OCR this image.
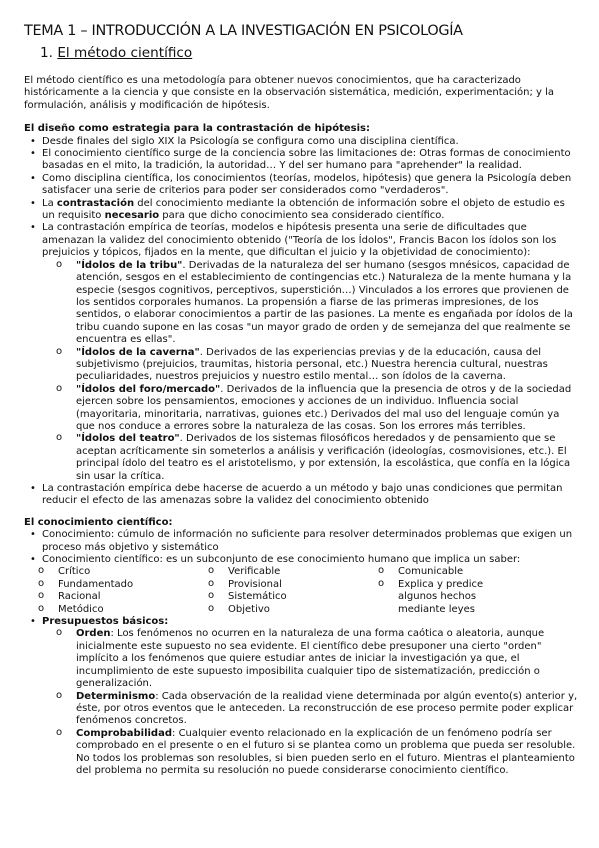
TEMA 1 – INTRODUCCIÓN A LA INVESTIGACIÓN EN PSICOLOGÍA
1. El método científico

El método científico es una metodología para obtener nuevos conocimientos, que ha caracterizado históricamente a la ciencia y que consiste en la observación sistemática, medición, experimentación; y la formulación, análisis y modificación de hipótesis.

El diseño como estrategia para la contrastación de hipótesis:

• Desde finales del siglo XIX la Psicología se configura como una disciplina científica.
• El conocimiento científico surge de la conciencia sobre las limitaciones de: Otras formas de conocimiento basadas en el mito, la tradición, la autoridad… Y del ser humano para "aprehender" la realidad.
• Como disciplina científica, los conocimientos (teorías, modelos, hipótesis) que genera la Psicología deben satisfacer una serie de criterios para poder ser considerados como "verdaderos".
• La contrastación del conocimiento mediante la obtención de información sobre el objeto de estudio es un requisito necesario para que dicho conocimiento sea considerado científico.
• La contrastación empírica de teorías, modelos e hipótesis presenta una serie de dificultades que amenazan la validez del conocimiento obtenido ("Teoría de los Ídolos", Francis Bacon los ídolos son los prejuicios y tópicos, fijados en la mente, que dificultan el juicio y la objetividad de conocimiento):
o "Ídolos de la tribu". Derivadas de la naturaleza del ser humano (sesgos mnésicos, capacidad de atención, sesgos en el establecimiento de contingencias etc.) Naturaleza de la mente humana y la especie (sesgos cognitivos, perceptivos, superstición…) Vinculados a los errores que provienen de los sentidos corporales humanos. La propensión a fiarse de las primeras impresiones, de los sentidos, o elaborar conocimientos a partir de las pasiones. La mente es engañada por ídolos de la tribu cuando supone en las cosas "un mayor grado de orden y de semejanza del que realmente se encuentra es ellas".
o "Ídolos de la caverna". Derivados de las experiencias previas y de la educación, causa del subjetivismo (prejuicios, traumitas, historia personal, etc.) Nuestra herencia cultural, nuestras peculiaridades, nuestros prejuicios y nuestro estilo mental… son ídolos de la caverna.
o "Ídolos del foro/mercado". Derivados de la influencia que la presencia de otros y de la sociedad ejercen sobre los pensamientos, emociones y acciones de un individuo. Influencia social (mayoritaria, minoritaria, narrativas, guiones etc.) Derivados del mal uso del lenguaje común ya que nos conduce a errores sobre la naturaleza de las cosas. Son los errores más terribles.
o "Ídolos del teatro". Derivados de los sistemas filosóficos heredados y de pensamiento que se aceptan acríticamente sin someterlos a análisis y verificación (ideologías, cosmovisiones, etc.). El principal ídolo del teatro es el aristotelismo, y por extensión, la escolástica, que confía en la lógica sin usar la crítica.
• La contrastación empírica debe hacerse de acuerdo a un método y bajo unas condiciones que permitan reducir el efecto de las amenazas sobre la validez del conocimiento obtenido

El conocimiento científico:

• Conocimiento: cúmulo de información no suficiente para resolver determinados problemas que exigen un proceso más objetivo y sistemático
• Conocimiento científico: es un subconjunto de ese conocimiento humano que implica un saber:
o Crítico
o Fundamentado
o Racional
o Metódico
o Verificable
o Provisional
o Sistemático
o Objetivo
o Comunicable
o Explica y predice algunos hechos mediante leyes
• Presupuestos básicos:
o Orden: Los fenómenos no ocurren en la naturaleza de una forma caótica o aleatoria, aunque inicialmente este supuesto no sea evidente. El científico debe presuponer una cierto "orden" implícito a los fenómenos que quiere estudiar antes de iniciar la investigación ya que, el incumplimiento de este supuesto imposibilita cualquier tipo de sistematización, predicción o generalización.
o Determinismo: Cada observación de la realidad viene determinada por algún evento(s) anterior y, éste, por otros eventos que le anteceden. La reconstrucción de ese proceso permite poder explicar fenómenos concretos.
o Comprobabilidad: Cualquier evento relacionado en la explicación de un fenómeno podría ser comprobado en el presente o en el futuro si se plantea como un problema que pueda ser resoluble. No todos los problemas son resolubles, si bien pueden serlo en el futuro. Mientras el planteamiento del problema no permita su resolución no puede considerarse conocimiento científico.
